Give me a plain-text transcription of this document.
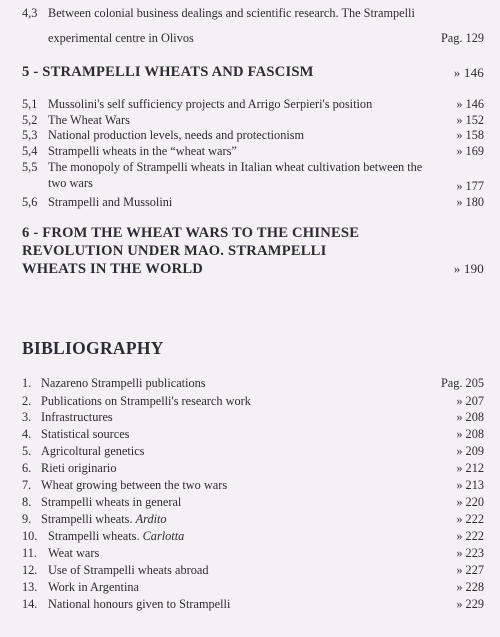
4,3 Between colonial business dealings and scientific research. The Strampelli
experimental centre in Olivos	Pag. 129
5 - STRAMPELLI WHEATS AND FASCISM	» 146
5,1 Mussolini's self sufficiency projects and Arrigo Serpieri's position	» 146
5,2 The Wheat Wars	» 152
5,3 National production levels, needs and protectionism	» 158
5,4 Strampelli wheats in the “wheat wars”	» 169
5,5 The monopoly of Strampelli wheats in Italian wheat cultivation between the
two wars	» 177
5,6 Strampelli and Mussolini	» 180
6 - FROM THE WHEAT WARS TO THE CHINESE
REVOLUTION UNDER MAO. STRAMPELLI
WHEATS IN THE WORLD	» 190
BIBLIOGRAPHY
1. Nazareno Strampelli publications	Pag. 205
2. Publications on Strampelli's research work	» 207
3. Infrastructures	» 208
4. Statistical sources	» 208
5. Agricoltural genetics	» 209
6. Rieti originario	» 212
7. Wheat growing between the two wars	» 213
8. Strampelli wheats in general	» 220
9. Strampelli wheats. Ardito	» 222
10. Strampelli wheats. Carlotta	» 222
11. Weat wars	» 223
12. Use of Strampelli wheats abroad	» 227
13. Work in Argentina	» 228
14. National honours given to Strampelli	» 229
